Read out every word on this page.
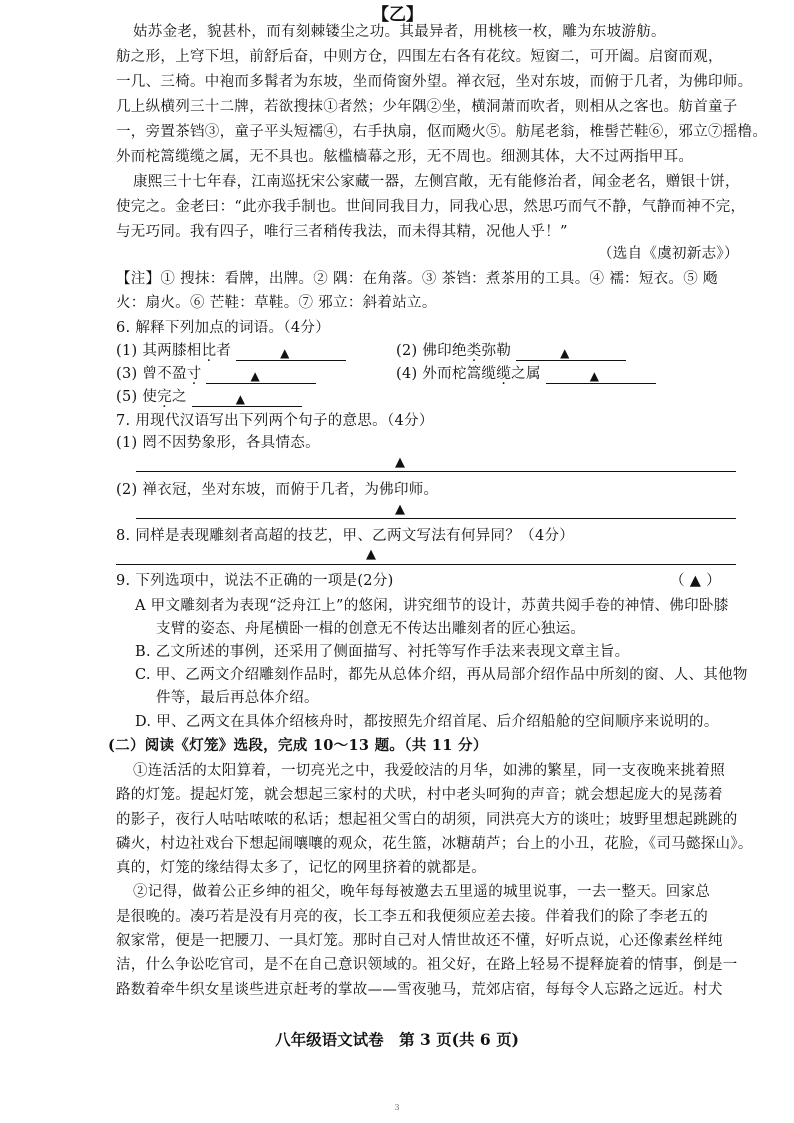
【乙】
姑苏金老，貌甚朴，而有刻棘镂尘之功。其最异者，用桃核一枚，雕为东坡游舫。
舫之形，上穹下坦，前舒后奋，中则方仓，四围左右各有花纹。短窗二，可开阖。启窗而观，
一几、三椅。中袍而多髯者为东坡，坐而倚窗外望。禅衣冠，坐对东坡，而俯于几者，为佛印师。
几上纵横列三十二牌，若欲搜抹①者然；少年隅②坐，横洞萧而吹者，则相从之客也。舫首童子
一，旁置茶铛③，童子平头短襦④，右手执扇，伛而飏火⑤。舫尾老翁，椎髻芒鞋⑥，邪立⑦摇橹。
外而柁篙缆缆之属，无不具也。舷槛樯幕之形，无不周也。细测其体，大不过两指甲耳。
康熙三十七年春，江南巡抚宋公家藏一器，左侧宫敞，无有能修治者，闻金老名，赠银十饼，
使完之。金老曰：“此亦我手制也。世间同我目力，同我心思，然思巧而气不静，气静而神不完，
与无巧同。我有四子，唯行三者稍传我法，而未得其精，况他人乎！”
（选自《虞初新志》）
【注】① 搜抹：看牌，出牌。② 隅：在角落。③ 茶铛：煮茶用的工具。④ 襦：短衣。⑤ 飏
火：扇火。⑥ 芒鞋：草鞋。⑦ 邪立：斜着站立。
6. 解释下列加点的词语。（4分）
(1) 其两膝相比者	▲	(2) 佛印绝类弥勒	▲
(3) 曾不盈寸	▲	(4) 外而柁篙缆缆之属	▲
(5) 使完之	▲
7. 用现代汉语写出下列两个句子的意思。（4分）
(1) 罔不因势象形，各具情态。
▲
(2) 禅衣冠，坐对东坡，而俯于几者，为佛印师。
▲
8. 同样是表现雕刻者高超的技艺，甲、乙两文写法有何异同？（4分）
▲
9. 下列选项中，说法不正确的一项是(2分)	（ ▲ ）
A 甲文雕刻者为表现“泛舟江上”的悠闲，讲究细节的设计，苏黄共阅手卷的神情、佛印卧膝
支臂的姿态、舟尾横卧一楫的创意无不传达出雕刻者的匠心独运。
B. 乙文所述的事例，还采用了侧面描写、衬托等写作手法来表现文章主旨。
C. 甲、乙两文介绍雕刻作品时，都先从总体介绍，再从局部介绍作品中所刻的窗、人、其他物
件等，最后再总体介绍。
D. 甲、乙两文在具体介绍核舟时，都按照先介绍首尾、后介绍船舱的空间顺序来说明的。
(二）阅读《灯笼》选段，完成 10～13 题。（共 11 分）
①连活活的太阳算着，一切亮光之中，我爱皎洁的月华，如沸的繁星，同一支夜晚来挑着照
路的灯笼。提起灯笼，就会想起三家村的犬吠，村中老头呵狗的声音；就会想起庞大的晃荡着
的影子，夜行人咕咕哝哝的私话；想起祖父雪白的胡须，同洪亮大方的谈吐；坡野里想起跳跳的
磷火，村边社戏台下想起闹嚷嚷的观众，花生篮，冰糖葫芦；台上的小丑，花脸，《司马懿探山》。
真的，灯笼的缘结得太多了，记忆的网里挤着的就都是。
②记得，做着公正乡绅的祖父，晚年每每被邀去五里遥的城里说事，一去一整天。回家总
是很晚的。凑巧若是没有月亮的夜，长工李五和我便须应差去接。伴着我们的除了李老五的
叙家常，便是一把腰刀、一具灯笼。那时自己对人情世故还不懂，好听点说，心还像素丝样纯
洁，什么争讼吃官司，是不在自己意识领域的。祖父好，在路上轻易不提释旋着的情事，倒是一
路数着牵牛织女星谈些进京赶考的掌故——雪夜驰马，荒郊店宿，每每令人忘路之远近。村犬
八年级语文试卷　第 3 页(共 6 页)
3
